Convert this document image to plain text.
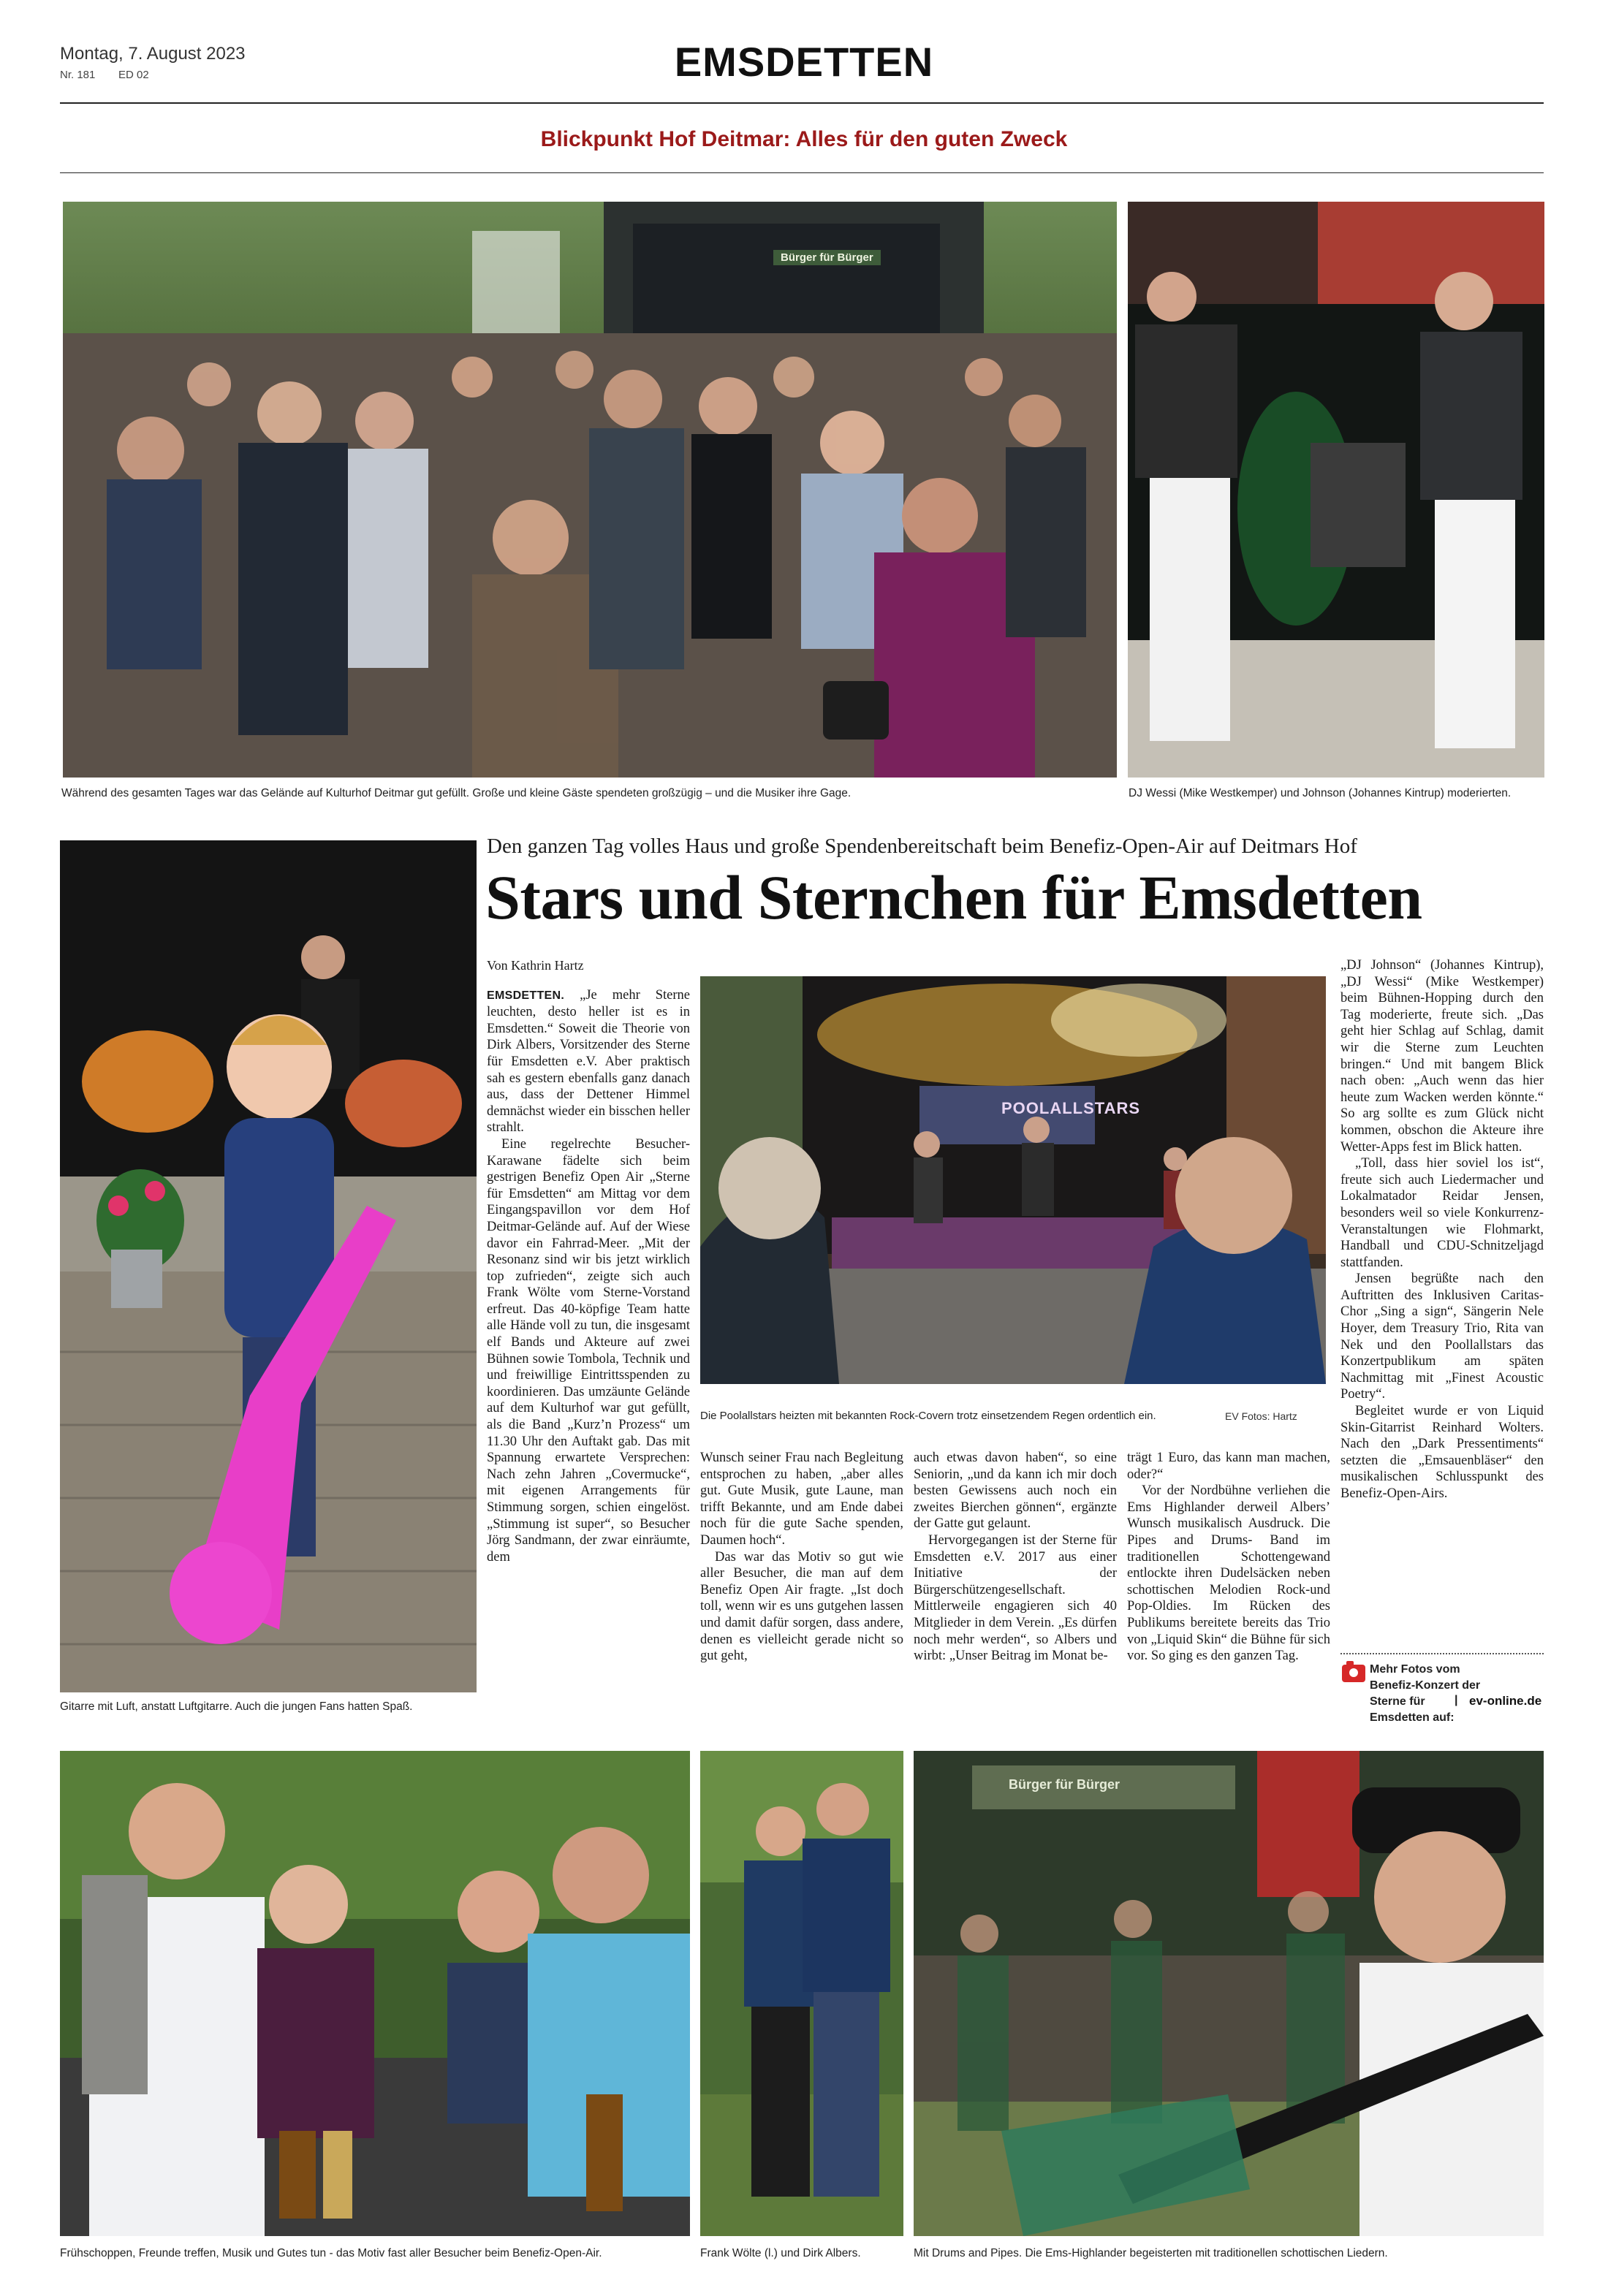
Montag, 7. August 2023
Nr. 181 ED 02	EMSDETTEN
Blickpunkt Hof Deitmar: Alles für den guten Zweck
Bürger für Bürger
Während des gesamten Tages war das Gelände auf Kulturhof Deitmar gut gefüllt. Große und kleine Gäste spendeten großzügig – und die Musiker ihre Gage.	DJ Wessi (Mike Westkemper) und Johnson (Johannes Kintrup) moderierten.
Gitarre mit Luft, anstatt Luftgitarre. Auch die jungen Fans hatten Spaß.
Den ganzen Tag volles Haus und große Spendenbereitschaft beim Benefiz-Open-Air auf Deitmars Hof
Stars und Sternchen für Emsdetten

Von Kathrin Hartz

EMSDETTEN. „Je mehr Sterne leuchten, desto heller ist es in Emsdetten.“ Soweit die Theorie von Dirk Albers, Vorsitzender des Sterne für Emsdetten e.V. Aber praktisch sah es gestern ebenfalls ganz danach aus, dass der Dettener Himmel demnächst wieder ein bisschen heller strahlt.

Eine regelrechte Besucher-Karawane fädelte sich beim gestrigen Benefiz Open Air „Sterne für Emsdetten“ am Mittag vor dem Eingangspavillon vor dem Hof Deitmar-Gelände auf. Auf der Wiese davor ein Fahrrad-Meer. „Mit der Resonanz sind wir bis jetzt wirklich top zufrieden“, zeigte sich auch Frank Wölte vom Sterne-Vorstand erfreut. Das 40-köpfige Team hatte alle Hände voll zu tun, die insgesamt elf Bands und Akteure auf zwei Bühnen sowie Tombola, Technik und und freiwillige Eintrittsspenden zu koordinieren. Das umzäunte Gelände auf dem Kulturhof war gut gefüllt, als die Band „Kurz’n Prozess“ um 11.30 Uhr den Auftakt gab. Das mit Spannung erwartete Versprechen: Nach zehn Jahren „Covermucke“, mit eigenen Arrangements für Stimmung sorgen, schien eingelöst. „Stimmung ist super“, so Besucher Jörg Sandmann, der zwar einräumte, dem

POOLALLSTARS
Die Poolallstars heizten mit bekannten Rock-Covern trotz einsetzendem Regen ordentlich ein.	EV Fotos: Hartz

Wunsch seiner Frau nach Begleitung entsprochen zu haben, „aber alles gut. Gute Musik, gute Laune, man trifft Bekannte, und am Ende dabei noch für die gute Sache spenden, Daumen hoch“.

Das war das Motiv so gut wie aller Besucher, die man auf dem Benefiz Open Air fragte. „Ist doch toll, wenn wir es uns gutgehen lassen und damit dafür sorgen, dass andere, denen es vielleicht gerade nicht so gut geht,

auch etwas davon haben“, so eine Seniorin, „und da kann ich mir doch besten Gewissens auch noch ein zweites Bierchen gönnen“, ergänzte der Gatte gut gelaunt.

Hervorgegangen ist der Sterne für Emsdetten e.V. 2017 aus einer Initiative der Bürgerschützengesellschaft. Mittlerweile engagieren sich 40 Mitglieder in dem Verein. „Es dürfen noch mehr werden“, so Albers und wirbt: „Unser Beitrag im Monat be-

trägt 1 Euro, das kann man machen, oder?“

Vor der Nordbühne verliehen die Ems Highlander derweil Albers’ Wunsch musikalisch Ausdruck. Die Pipes and Drums- Band im traditionellen Schottengewand entlockte ihren Dudelsäcken neben schottischen Melodien Rock-und Pop-Oldies. Im Rücken des Publikums bereitete bereits das Trio von „Liquid Skin“ die Bühne für sich vor. So ging es den ganzen Tag.

„DJ Johnson“ (Johannes Kintrup), „DJ Wessi“ (Mike Westkemper) beim Bühnen-Hopping durch den Tag moderierte, freute sich. „Das geht hier Schlag auf Schlag, damit wir die Sterne zum Leuchten bringen.“ Und mit bangem Blick nach oben: „Auch wenn das hier heute zum Wacken werden könnte.“ So arg sollte es zum Glück nicht kommen, obschon die Akteure ihre Wetter-Apps fest im Blick hatten.

„Toll, dass hier soviel los ist“, freute sich auch Liedermacher und Lokalmatador Reidar Jensen, besonders weil so viele Konkurrenz-Veranstaltungen wie Flohmarkt, Handball und CDU-Schnitzeljagd stattfanden.

Jensen begrüßte nach den Auftritten des Inklusiven Caritas-Chor „Sing a sign“, Sängerin Nele Hoyer, dem Treasury Trio, Rita van Nek und den Poollallstars das Konzertpublikum am späten Nachmittag mit „Finest Acoustic Poetry“.

Begleitet wurde er von Liquid Skin-Gitarrist Reinhard Wolters. Nach den „Dark Pressentiments“ setzten die „Emsauenbläser“ den musikalischen Schlusspunkt des Benefiz-Open-Airs.

Mehr Fotos vom Benefiz-Konzert der Sterne für Emsdetten auf:
| ev-online.de
Frühschoppen, Freunde treffen, Musik und Gutes tun - das Motiv fast aller Besucher beim Benefiz-Open-Air.	Frank Wölte (l.) und Dirk Albers.
Bürger für Bürger
Mit Drums and Pipes. Die Ems-Highlander begeisterten mit traditionellen schottischen Liedern.
